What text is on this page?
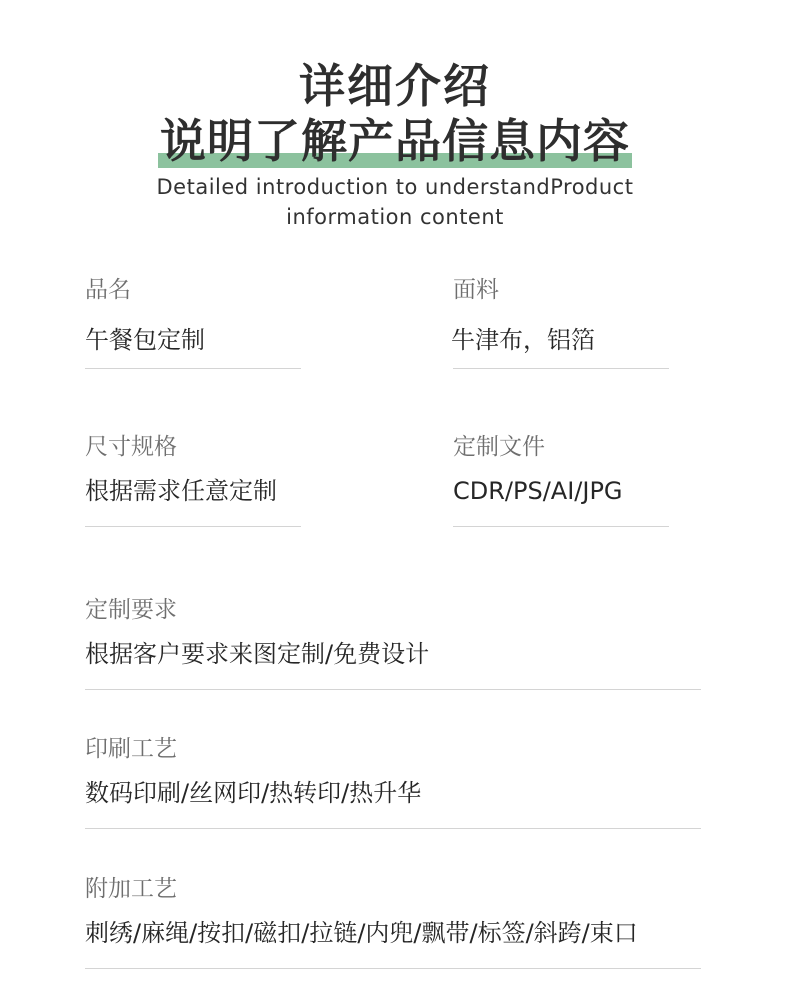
详细介绍
说明了解产品信息内容
Detailed introduction to understandProduct
information content
品名
午餐包定制
面料
牛津布，铝箔
尺寸规格
根据需求任意定制
定制文件
CDR/PS/AI/JPG
定制要求
根据客户要求来图定制/免费设计
印刷工艺
数码印刷/丝网印/热转印/热升华
附加工艺
刺绣/麻绳/按扣/磁扣/拉链/内兜/飘带/标签/斜跨/束口
